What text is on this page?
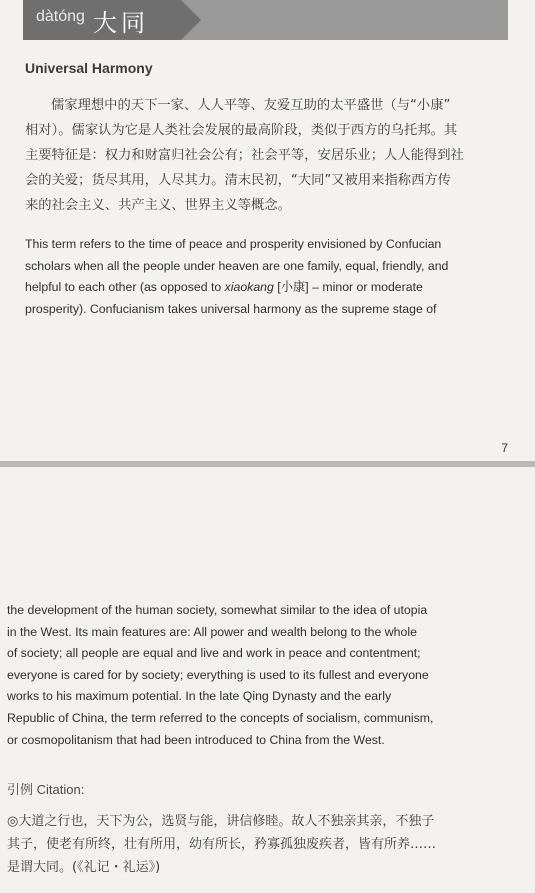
dàtóng 大同
Universal Harmony
儒家理想中的天下一家、人人平等、友爱互助的太平盛世（与“小康”
相对）。儒家认为它是人类社会发展的最高阶段，类似于西方的乌托邦。其
主要特征是：权力和财富归社会公有；社会平等，安居乐业；人人能得到社
会的关爱；货尽其用，人尽其力。清末民初，“大同”又被用来指称西方传
来的社会主义、共产主义、世界主义等概念。
This term refers to the time of peace and prosperity envisioned by Confucian
scholars when all the people under heaven are one family, equal, friendly, and
helpful to each other (as opposed to xiaokang [小康] – minor or moderate
prosperity). Confucianism takes universal harmony as the supreme stage of
7
the development of the human society, somewhat similar to the idea of utopia
in the West. Its main features are: All power and wealth belong to the whole
of society; all people are equal and live and work in peace and contentment;
everyone is cared for by society; everything is used to its fullest and everyone
works to his maximum potential. In the late Qing Dynasty and the early
Republic of China, the term referred to the concepts of socialism, communism,
or cosmopolitanism that had been introduced to China from the West.
引例 Citation:
◎大道之行也，天下为公，选贤与能，讲信修睦。故人不独亲其亲，不独子
其子，使老有所终，壮有所用，幼有所长，矜寡孤独废疾者，皆有所养……
是谓大同。(《礼记・礼运》)
